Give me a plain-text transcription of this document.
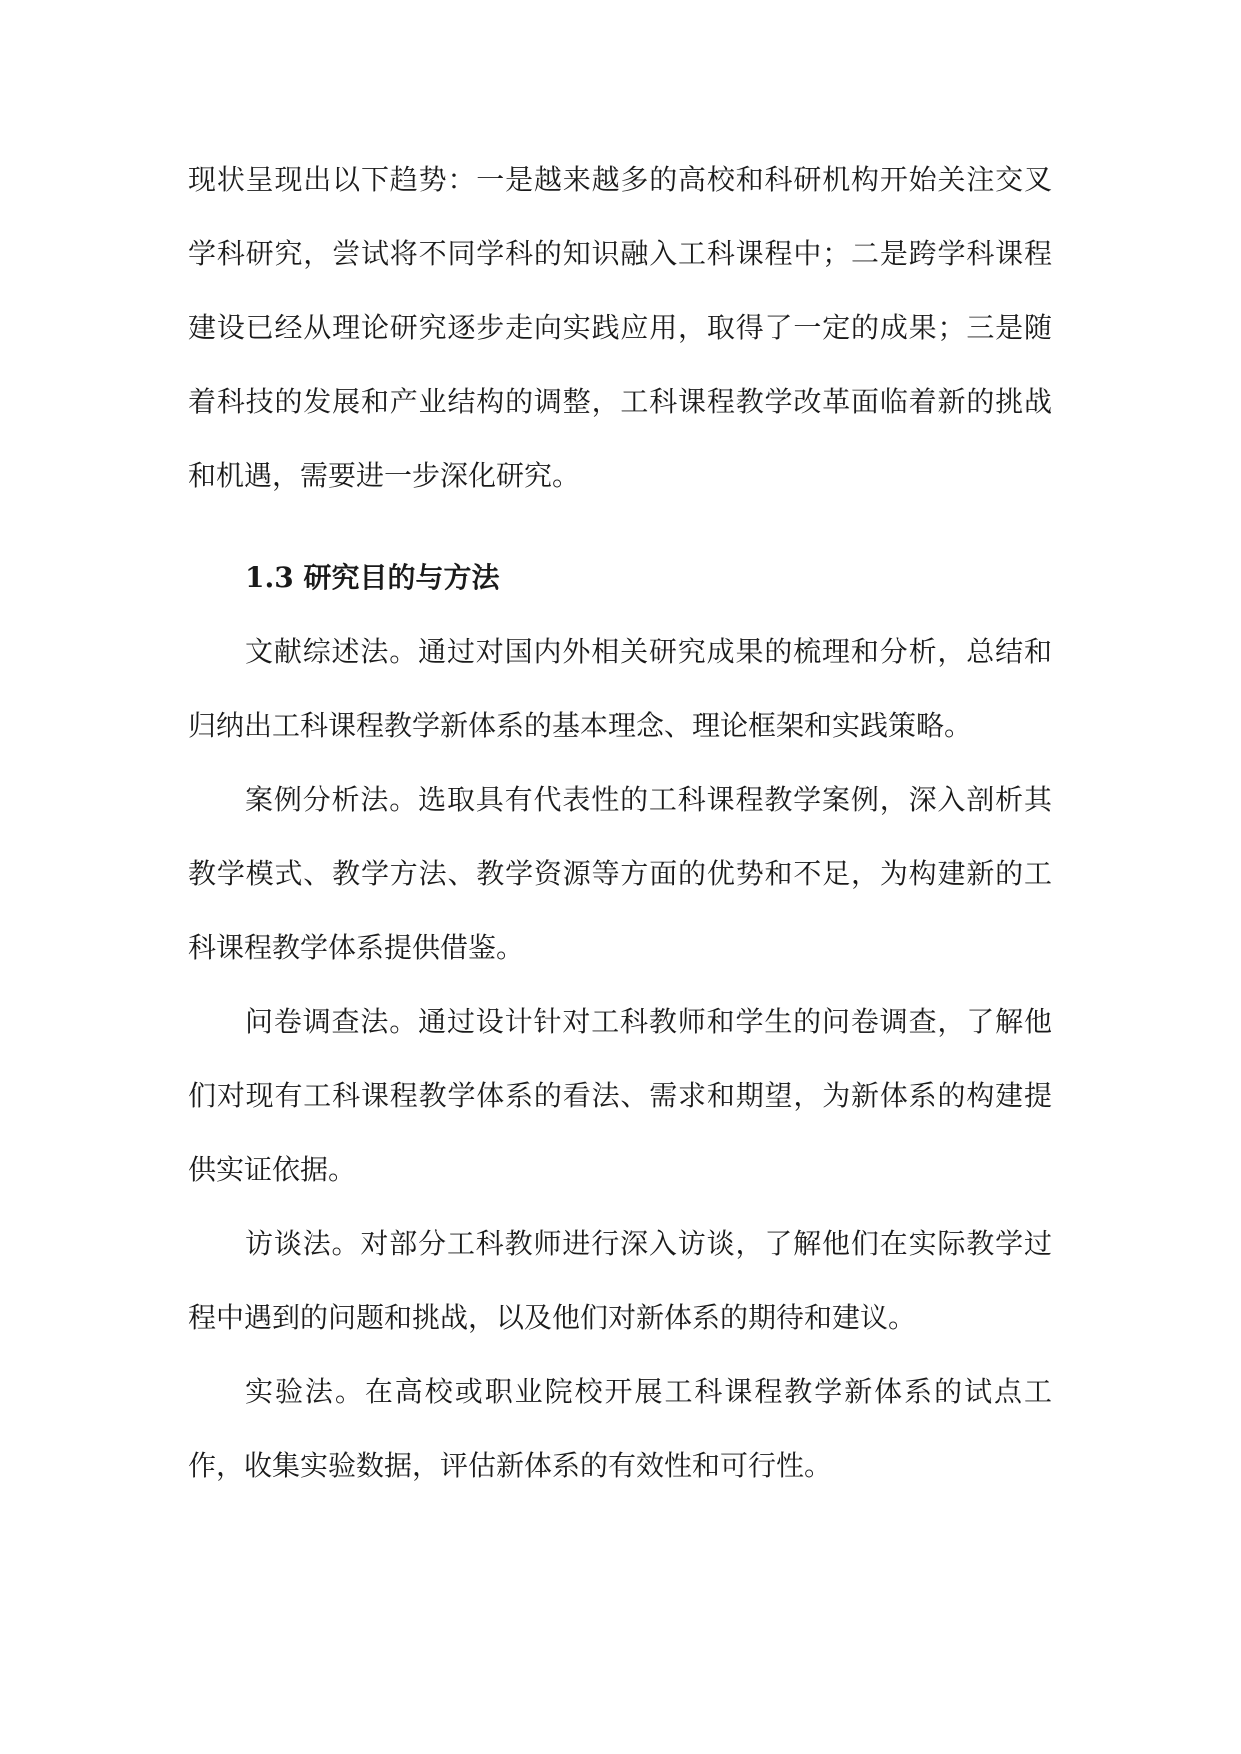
现状呈现出以下趋势：一是越来越多的高校和科研机构开始关注交叉学科研究，尝试将不同学科的知识融入工科课程中；二是跨学科课程建设已经从理论研究逐步走向实践应用，取得了一定的成果；三是随着科技的发展和产业结构的调整，工科课程教学改革面临着新的挑战和机遇，需要进一步深化研究。

1.3 研究目的与方法

文献综述法。通过对国内外相关研究成果的梳理和分析，总结和归纳出工科课程教学新体系的基本理念、理论框架和实践策略。

案例分析法。选取具有代表性的工科课程教学案例，深入剖析其教学模式、教学方法、教学资源等方面的优势和不足，为构建新的工科课程教学体系提供借鉴。

问卷调查法。通过设计针对工科教师和学生的问卷调查，了解他们对现有工科课程教学体系的看法、需求和期望，为新体系的构建提供实证依据。

访谈法。对部分工科教师进行深入访谈，了解他们在实际教学过程中遇到的问题和挑战，以及他们对新体系的期待和建议。

实验法。在高校或职业院校开展工科课程教学新体系的试点工作，收集实验数据，评估新体系的有效性和可行性。
